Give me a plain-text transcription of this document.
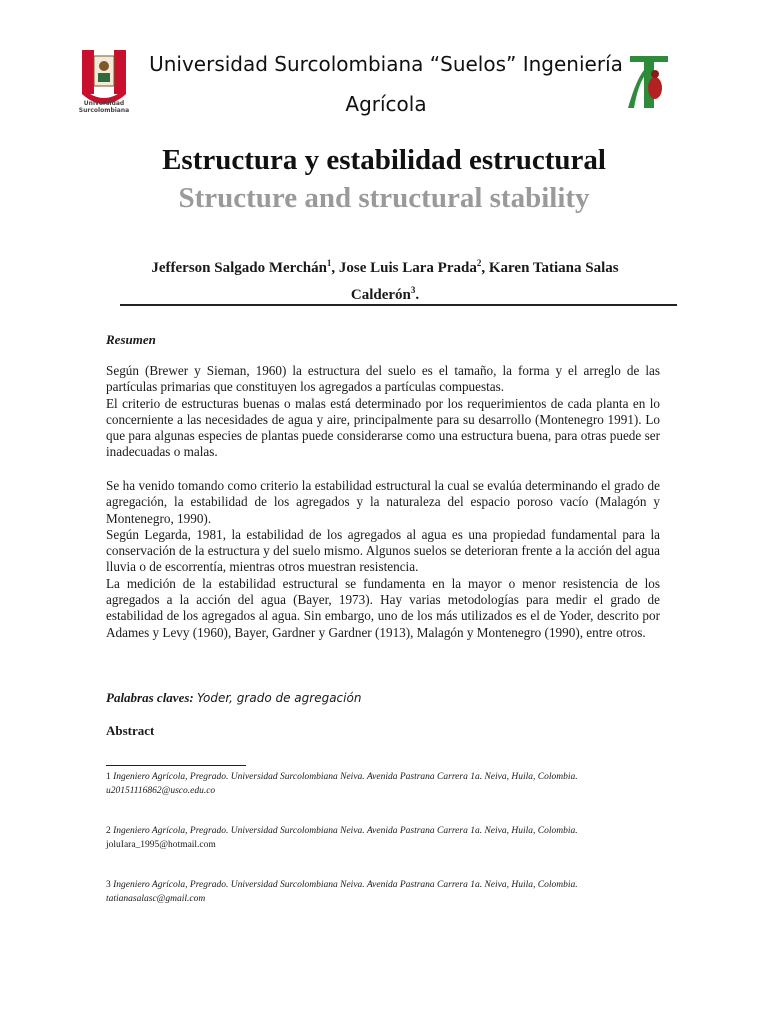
Universidad
Surcolombiana
Universidad Surcolombiana “Suelos” Ingeniería Agrícola
Estructura y estabilidad estructural
Structure and structural stability
Jefferson Salgado Merchán$^1$, Jose Luis Lara Prada$^2$, Karen Tatiana Salas Calderón$^3$.
Resumen

Según (Brewer y Sieman, 1960) la estructura del suelo es el tamaño, la forma y el arreglo de las partículas primarias que constituyen los agregados a partículas compuestas.

El criterio de estructuras buenas o malas está determinado por los requerimientos de cada planta en lo concerniente a las necesidades de agua y aire, principalmente para su desarrollo (Montenegro 1991). Lo que para algunas especies de plantas puede considerarse como una estructura buena, para otras puede ser inadecuadas o malas.

Se ha venido tomando como criterio la estabilidad estructural la cual se evalúa determinando el grado de agregación, la estabilidad de los agregados y la naturaleza del espacio poroso vacío (Malagón y Montenegro, 1990).

Según Legarda, 1981, la estabilidad de los agregados al agua es una propiedad fundamental para la conservación de la estructura y del suelo mismo. Algunos suelos se deterioran frente a la acción del agua lluvia o de escorrentía, mientras otros muestran resistencia.

La medición de la estabilidad estructural se fundamenta en la mayor o menor resistencia de los agregados a la acción del agua (Bayer, 1973). Hay varias metodologías para medir el grado de estabilidad de los agregados al agua. Sin embargo, uno de los más utilizados es el de Yoder, descrito por Adames y Levy (1960), Bayer, Gardner y Gardner (1913), Malagón y Montenegro (1990), entre otros.

Palabras claves: Yoder, grado de agregación
Abstract
1 Ingeniero Agrícola, Pregrado. Universidad Surcolombiana Neiva. Avenida Pastrana Carrera 1a. Neiva, Huila, Colombia.
u20151116862@usco.edu.co
2 Ingeniero Agrícola, Pregrado. Universidad Surcolombiana Neiva. Avenida Pastrana Carrera 1a. Neiva, Huila, Colombia.
joluIara_1995@hotmail.com
3 Ingeniero Agrícola, Pregrado. Universidad Surcolombiana Neiva. Avenida Pastrana Carrera 1a. Neiva, Huila, Colombia.
tatianasalasc@gmail.com
